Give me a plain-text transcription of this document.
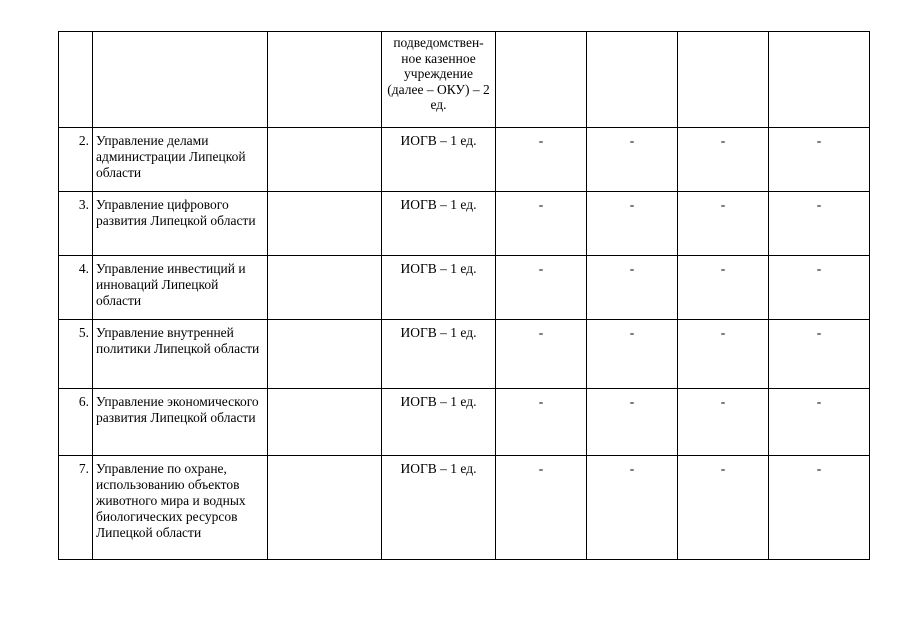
			подведомствен-ное казенное учреждение (далее – ОКУ) – 2 ед.				
2.	Управление делами администрации Липецкой области		ИОГВ – 1 ед.	-	-	-	-
3.	Управление цифрового развития Липецкой области		ИОГВ – 1 ед.	-	-	-	-
4.	Управление инвестиций и инноваций Липецкой области		ИОГВ – 1 ед.	-	-	-	-
5.	Управление внутренней политики Липецкой области		ИОГВ – 1 ед.	-	-	-	-
6.	Управление экономического развития Липецкой области		ИОГВ – 1 ед.	-	-	-	-
7.	Управление по охране, использованию объектов животного мира и водных биологических ресурсов Липецкой области		ИОГВ – 1 ед.	-	-	-	-
